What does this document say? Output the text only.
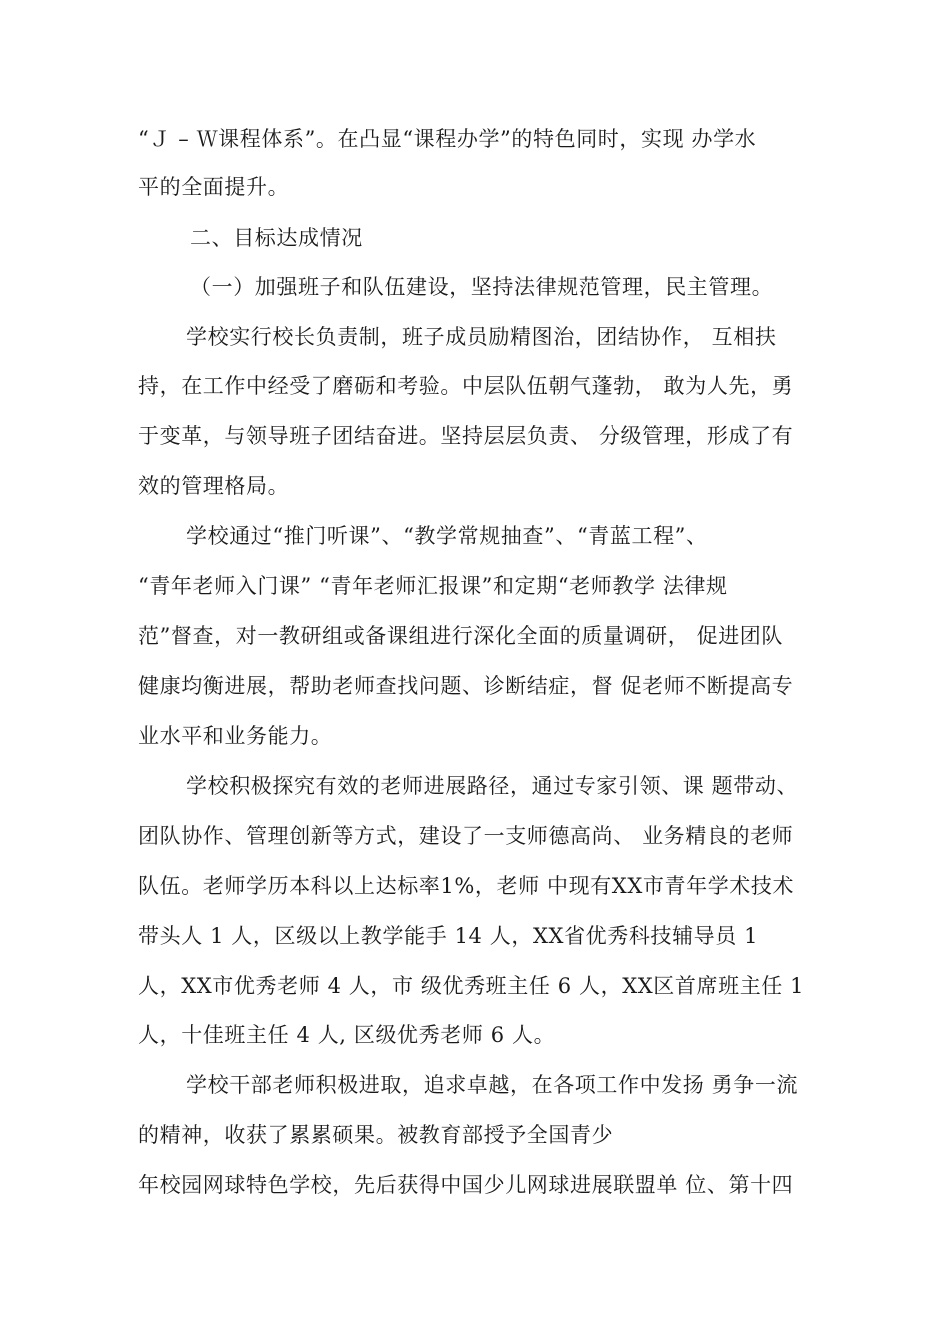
“Ｊ – Ｗ课程体系”。在凸显“课程办学”的特色同时，实现 办学水
平的全面提升。
二、目标达成情况
（一）加强班子和队伍建设，坚持法律规范管理，民主管理。
学校实行校长负责制，班子成员励精图治，团结协作， 互相扶
持，在工作中经受了磨砺和考验。中层队伍朝气蓬勃， 敢为人先，勇
于变革，与领导班子团结奋进。坚持层层负责、 分级管理，形成了有
效的管理格局。
学校通过“推门听课”、“教学常规抽查”、“青蓝工程”、
“青年老师入门课” “青年老师汇报课”和定期“老师教学 法律规
范”督查，对一教研组或备课组进行深化全面的质量调研， 促进团队
健康均衡进展，帮助老师查找问题、诊断结症，督 促老师不断提高专
业水平和业务能力。
学校积极探究有效的老师进展路径，通过专家引领、课 题带动、
团队协作、管理创新等方式，建设了一支师德高尚、 业务精良的老师
队伍。老师学历本科以上达标率1%，老师 中现有XX市青年学术技术
带头人 1 人，区级以上教学能手 14 人，XX省优秀科技辅导员 1
人，XX市优秀老师 4 人，市 级优秀班主任 6 人，XX区首席班主任 1
人，十佳班主任 4 人, 区级优秀老师 6 人。
学校干部老师积极进取，追求卓越，在各项工作中发扬 勇争一流
的精神，收获了累累硕果。被教育部授予全国青少
年校园网球特色学校，先后获得中国少儿网球进展联盟单 位、第十四
